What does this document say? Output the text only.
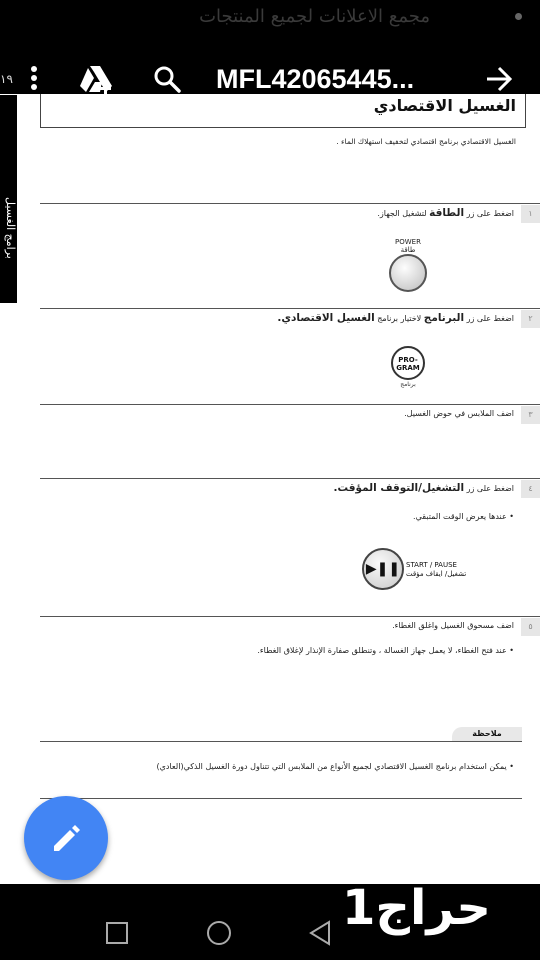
مجمع الاعلانات لجميع المنتجات
١٩	MFL42065445...
برامج الغسيل
الغسيل الاقتصادي
الغسيل الاقتصادي برنامج اقتصادي لتخفيف استهلاك الماء .
١
اضغط على زر الطاقة لتشغيل الجهاز.
POWER
طاقة
٢
اضغط على زر البرنامج لاختيار برنامج الغسيل الاقتصادي.
PRO-GRAM
برنامج
٣
اضف الملابس في حوض الغسيل.
٤
اضغط على زر التشغيل/التوقف المؤقت.
• عندها يعرض الوقت المتبقي.
▶❚❚ START / PAUSE
تشغيل/ ايقاف مؤقت
٥
اضف مسحوق الغسيل واغلق الغطاء.
• عند فتح الغطاء، لا يعمل جهاز الغسالة ، وتنطلق صفارة الإنذار لإغلاق الغطاء.
ملاحظة
• يمكن استخدام برنامج الغسيل الاقتصادي لجميع الأنواع من الملابس التي تتناول دورة الغسيل الذكي(العادي)
حراج1
